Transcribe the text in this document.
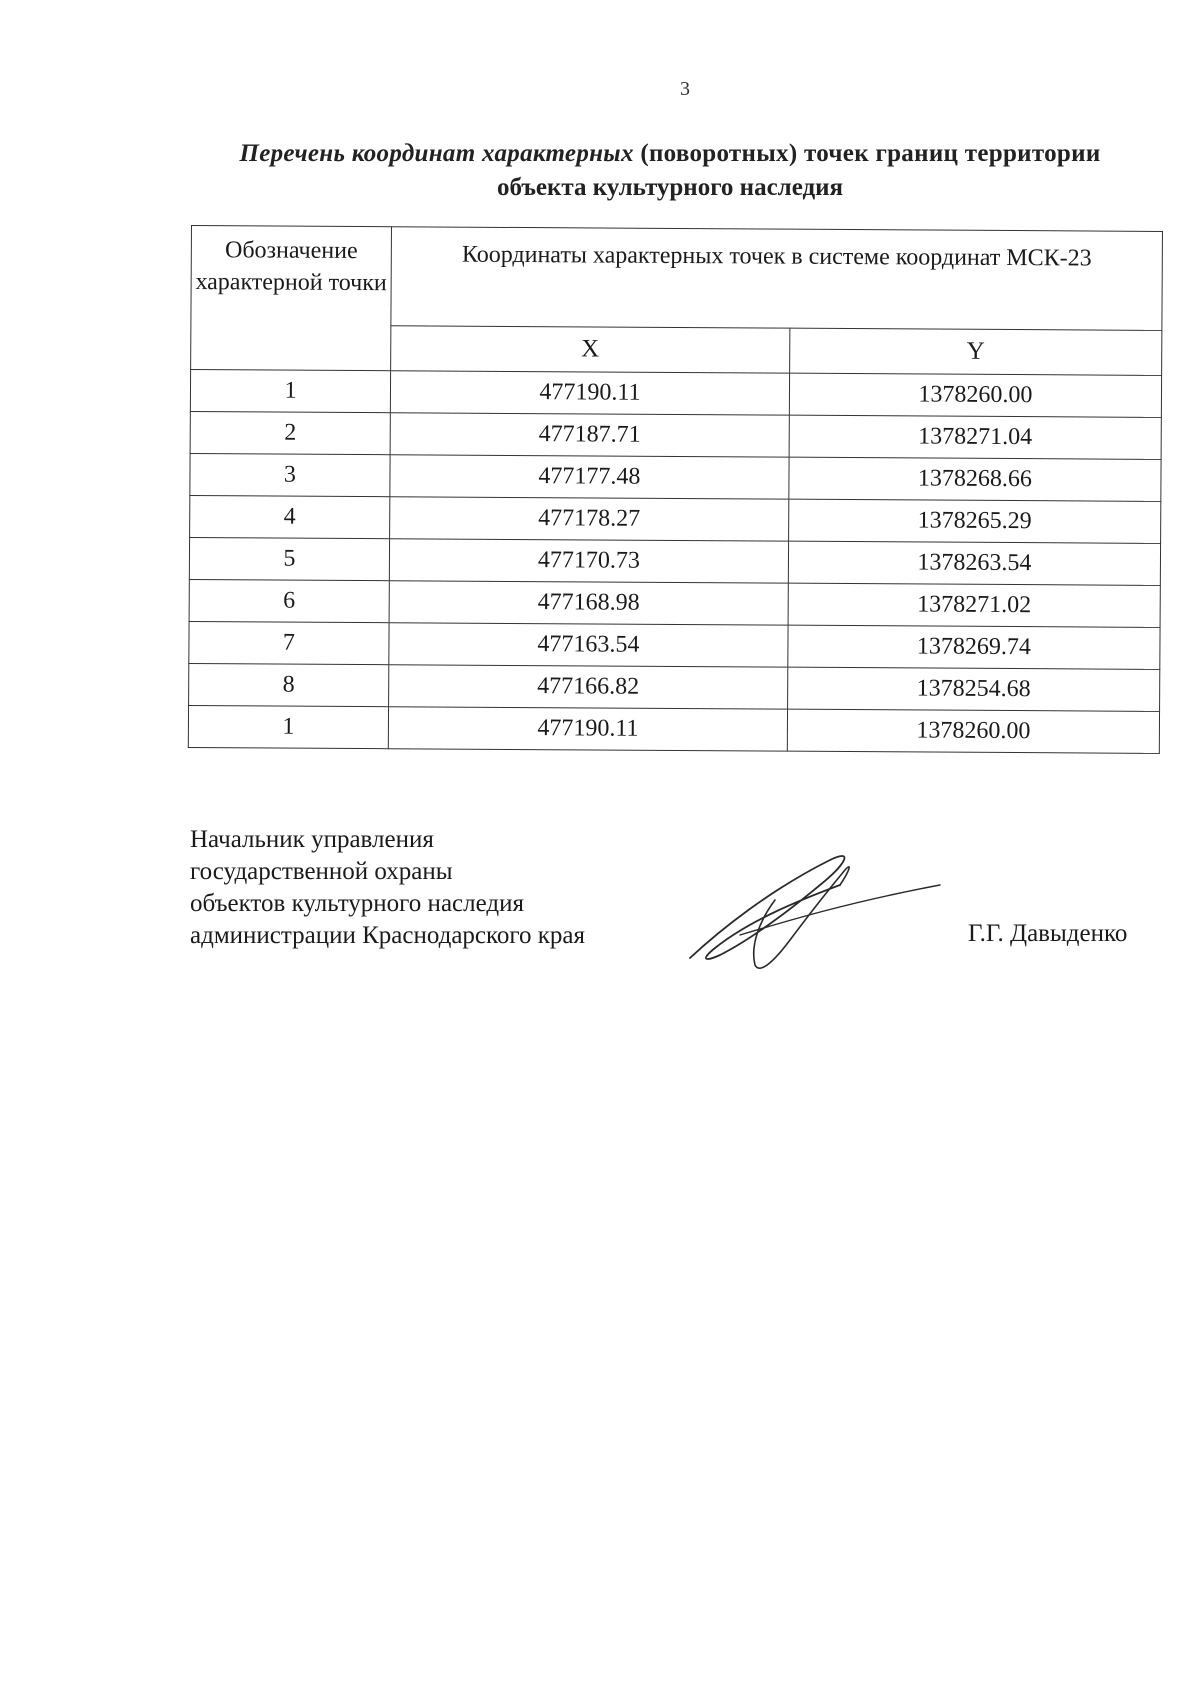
3
Перечень координат характерных (поворотных) точек границ территории
объекта культурного наследия
Обозначение характерной точки	Координаты характерных точек в системе координат МСК-23	
	X	Y
1	477190.11	1378260.00
2	477187.71	1378271.04
3	477177.48	1378268.66
4	477178.27	1378265.29
5	477170.73	1378263.54
6	477168.98	1378271.02
7	477163.54	1378269.74
8	477166.82	1378254.68
1	477190.11	1378260.00
Начальник управления
государственной охраны
объектов культурного наследия
администрации Краснодарского края	Г.Г. Давыденко
